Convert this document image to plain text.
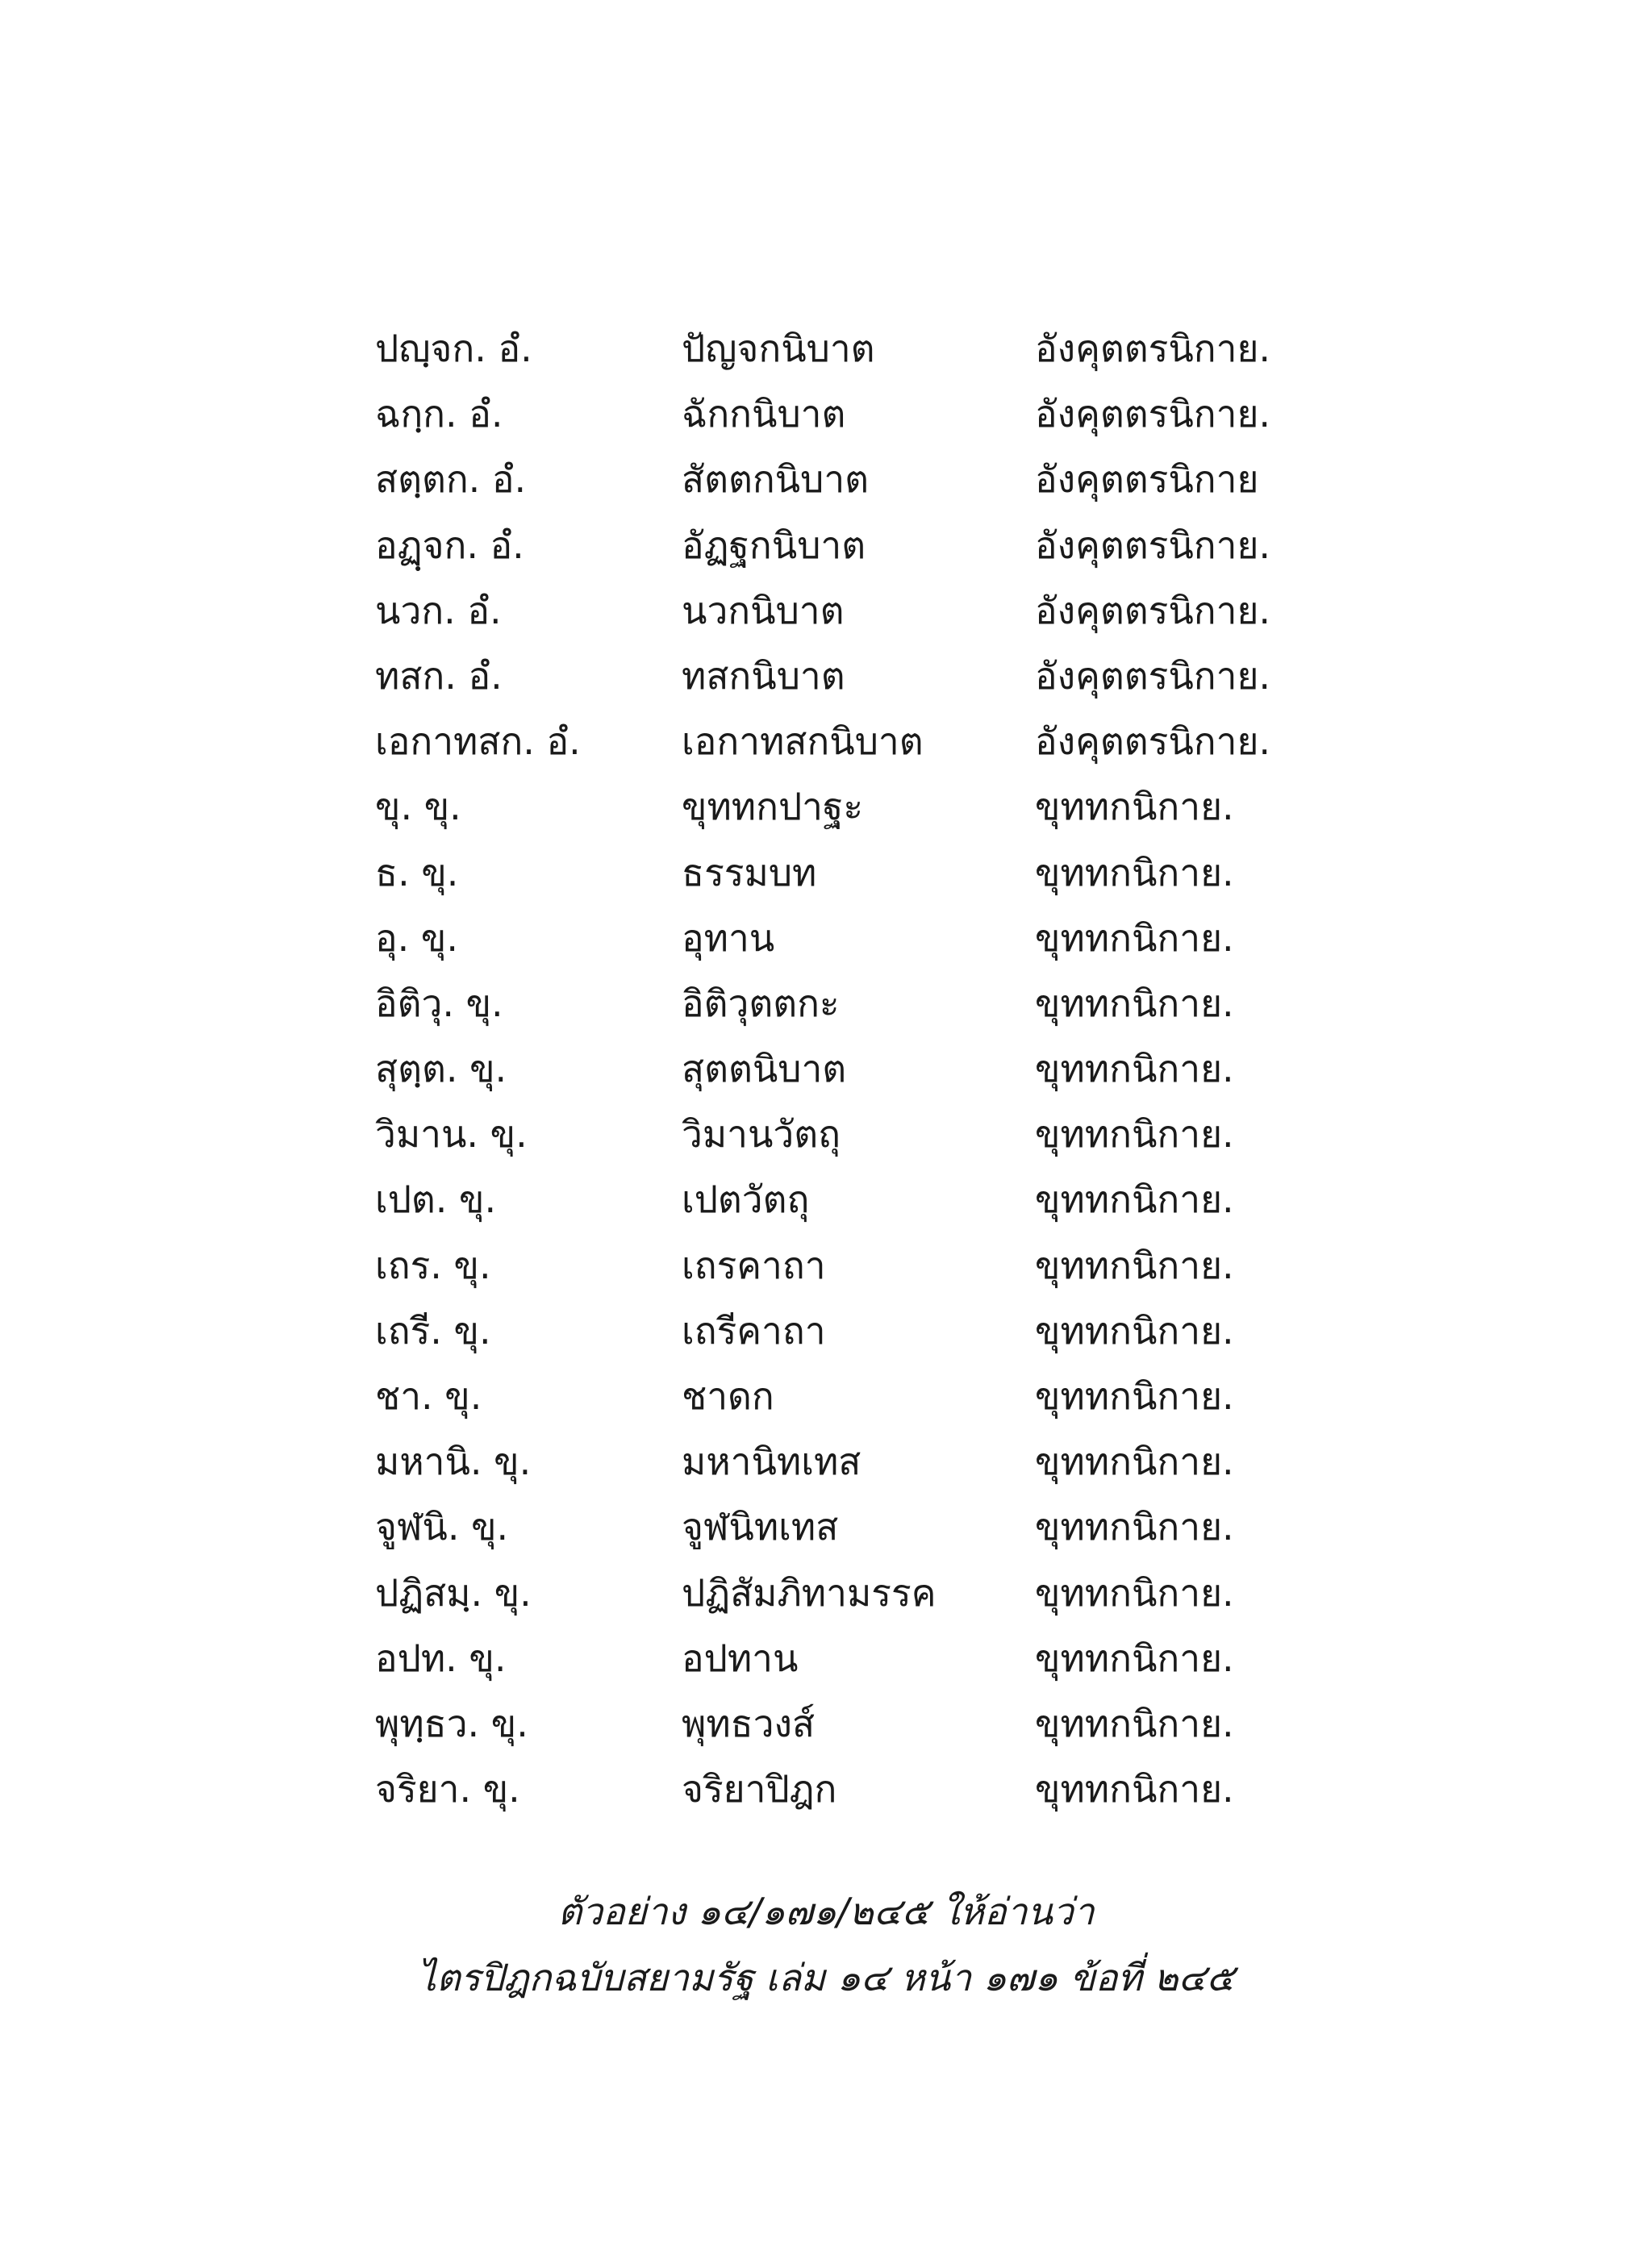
ปญฺจก. อํ.	ปัญจกนิบาต	อังคุตตรนิกาย.
ฉกฺก. อํ.	ฉักกนิบาต	อังคุตตรนิกาย.
สตฺตก. อํ.	สัตตกนิบาต	อังคุตตรนิกาย
อฏฺจก. อํ.	อัฏฐกนิบาต	อังคุตตรนิกาย.
นวก. อํ.	นวกนิบาต	อังคุตตรนิกาย.
ทสก. อํ.	ทสกนิบาต	อังคุตตรนิกาย.
เอกาทสก. อํ.	เอกาทสกนิบาต	อังคุตตรนิกาย.
ขุ. ขุ.	ขุททกปาฐะ	ขุททกนิกาย.
ธ. ขุ.	ธรรมบท	ขุททกนิกาย.
อุ. ขุ.	อุทาน	ขุททกนิกาย.
อิติวุ. ขุ.	อิติวุตตกะ	ขุททกนิกาย.
สุตฺต. ขุ.	สุตตนิบาต	ขุททกนิกาย.
วิมาน. ขุ.	วิมานวัตถุ	ขุททกนิกาย.
เปต. ขุ.	เปตวัตถุ	ขุททกนิกาย.
เถร. ขุ.	เถรคาถา	ขุททกนิกาย.
เถรี. ขุ.	เถรีคาถา	ขุททกนิกาย.
ชา. ขุ.	ชาดก	ขุททกนิกาย.
มหานิ. ขุ.	มหานิทเทส	ขุททกนิกาย.
จูฬนิ. ขุ.	จูฬนิทเทส	ขุททกนิกาย.
ปฏิสมฺ. ขุ.	ปฏิสัมภิทามรรค	ขุททกนิกาย.
อปท. ขุ.	อปทาน	ขุททกนิกาย.
พุทฺธว. ขุ.	พุทธวงส์	ขุททกนิกาย.
จริยา. ขุ.	จริยาปิฎก	ขุททกนิกาย.
ตัวอย่าง ๑๔/๑๗๑/๒๔๕ ให้อ่านว่า
ไตรปิฎกฉบับสยามรัฐ เล่ม ๑๔ หน้า ๑๗๑ ข้อที่ ๒๔๕
